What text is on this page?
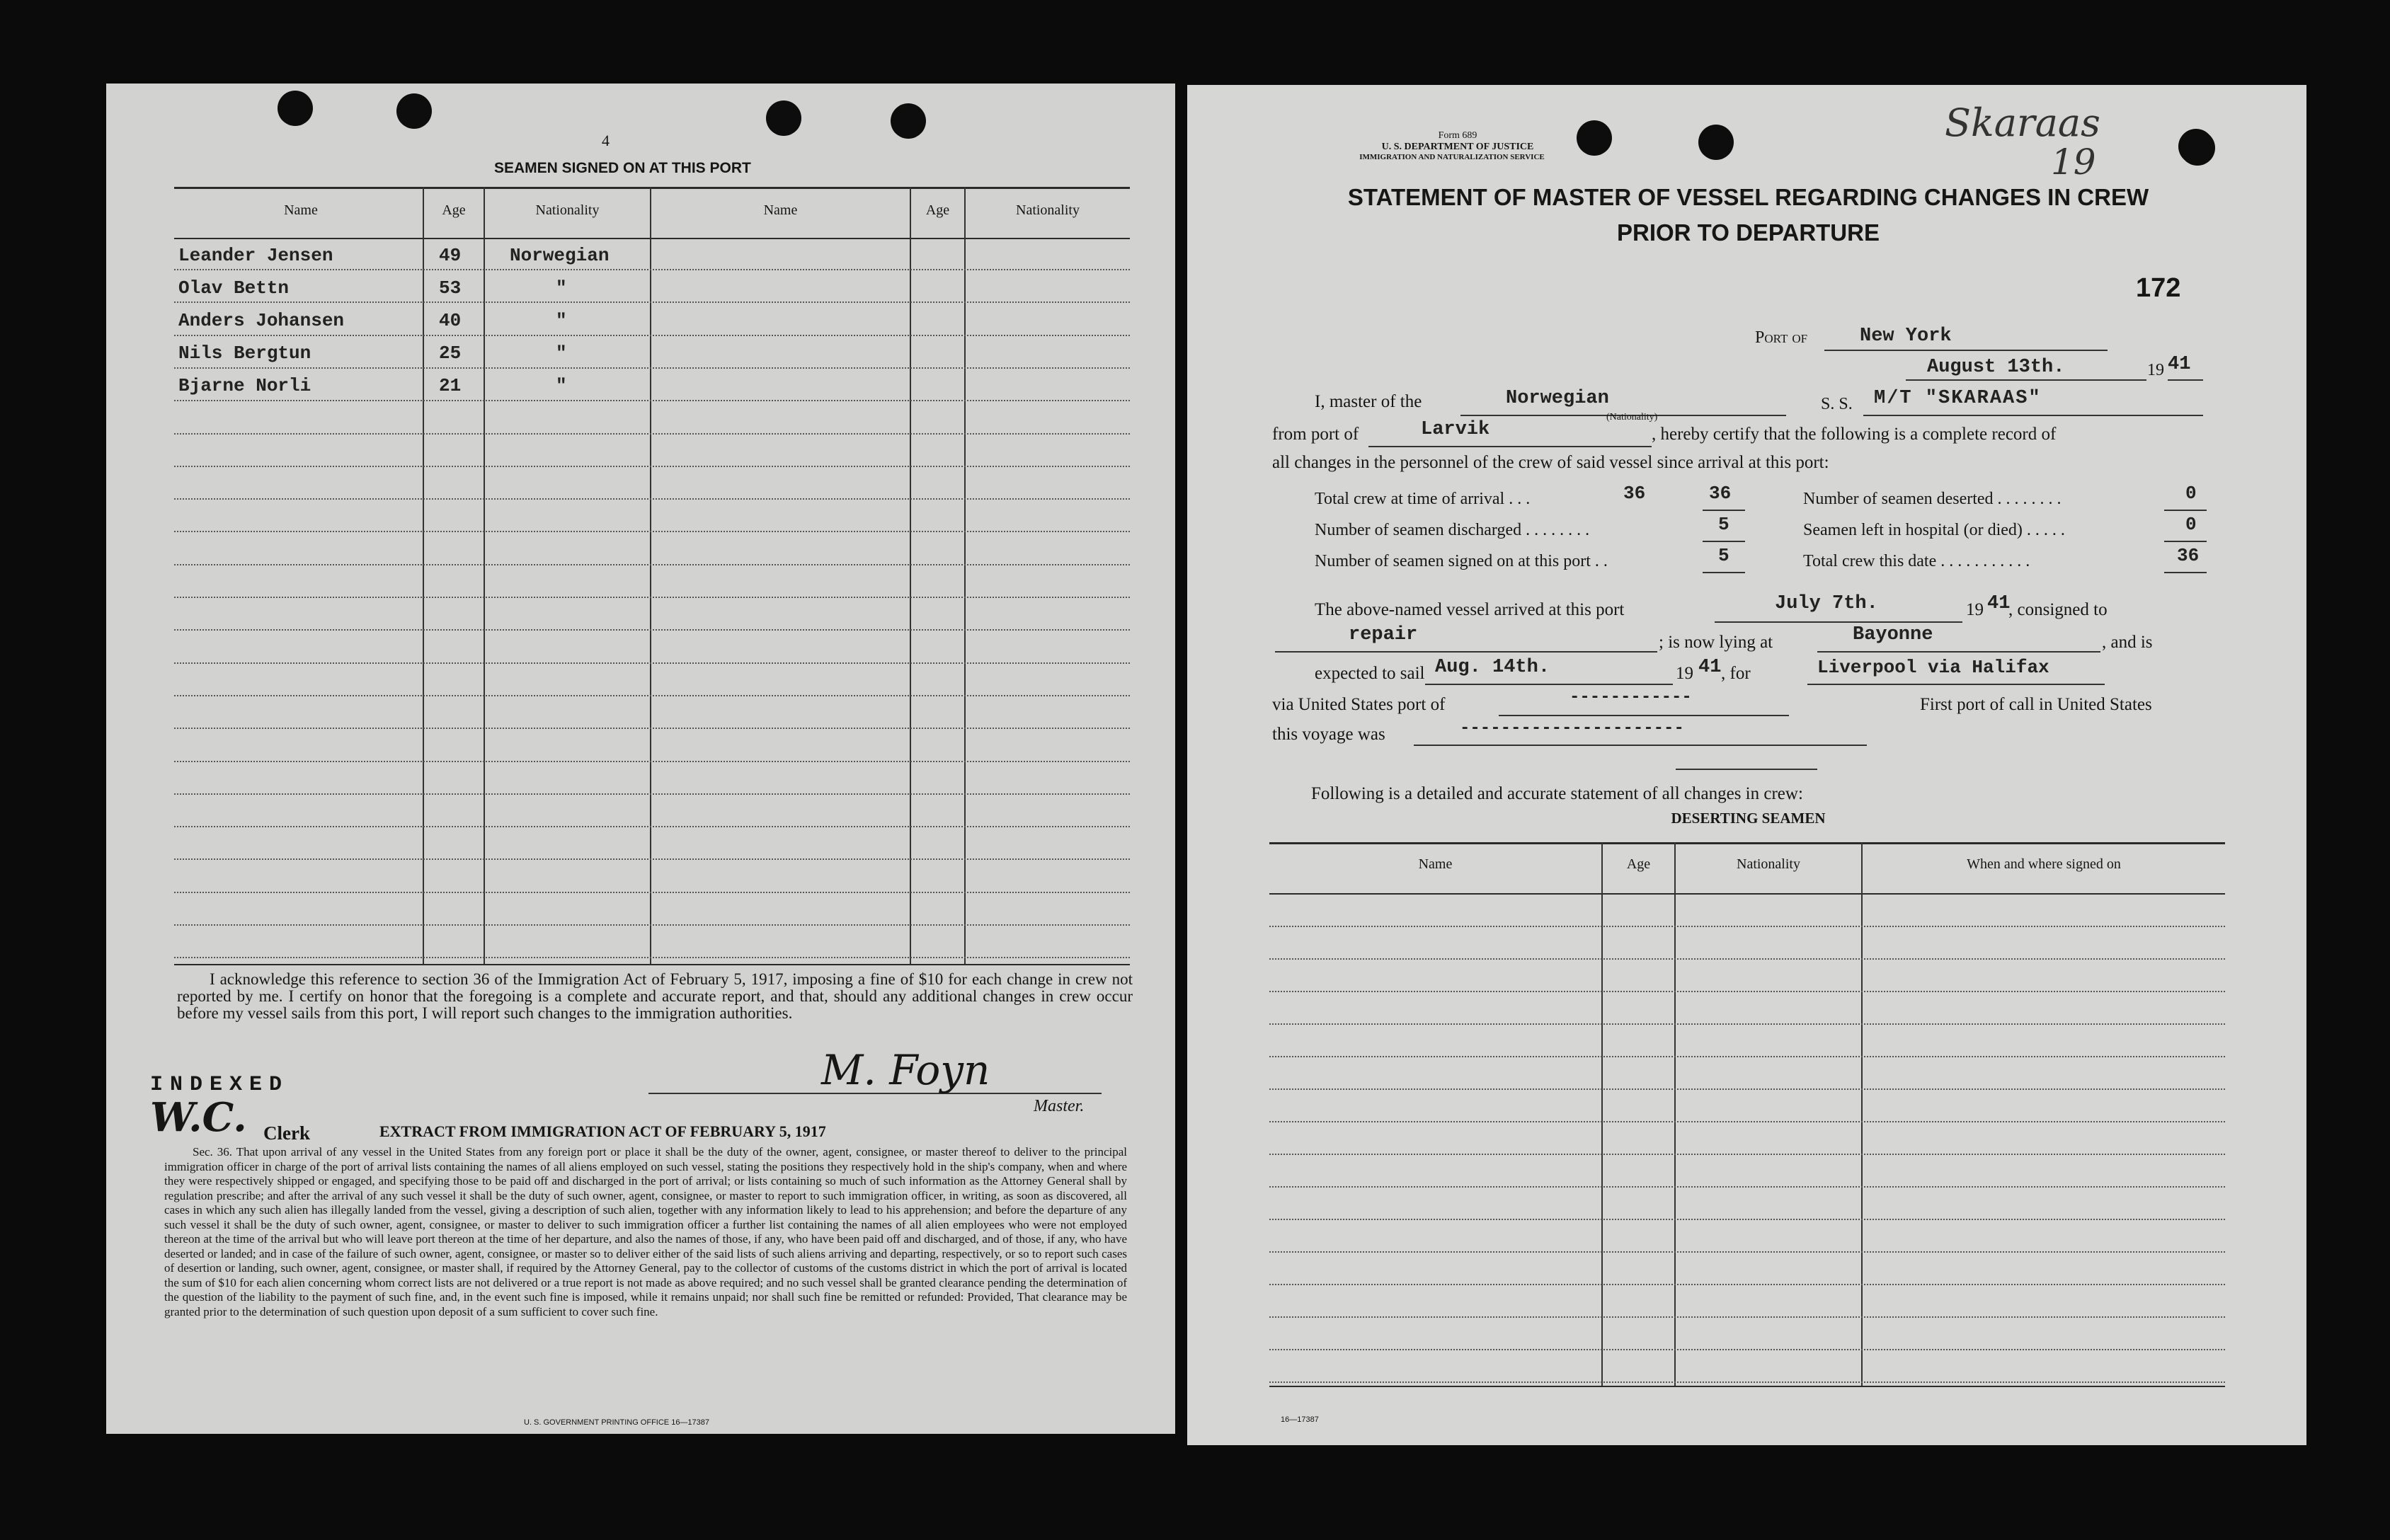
4
SEAMEN SIGNED ON AT THIS PORT
Name	Age	Nationality	Name	Age	Nationality
Leander Jensen	49	Norwegian
Olav Bettn	53	"
Anders Johansen	40	"
Nils Bergtun	25	"
Bjarne Norli	21	"
I acknowledge this reference to section 36 of the Immigration Act of February 5, 1917, imposing a fine of $10 for each change in crew not reported by me. I certify on honor that the foregoing is a complete and accurate report, and that, should any additional changes in crew occur before my vessel sails from this port, I will report such changes to the immigration authorities.
INDEXED
W.C. Clerk
M. Foyn
Master.
EXTRACT FROM IMMIGRATION ACT OF FEBRUARY 5, 1917
Sec. 36. That upon arrival of any vessel in the United States from any foreign port or place it shall be the duty of the owner, agent, consignee, or master thereof to deliver to the principal immigration officer in charge of the port of arrival lists containing the names of all aliens employed on such vessel, stating the positions they respectively hold in the ship's company, when and where they were respectively shipped or engaged, and specifying those to be paid off and discharged in the port of arrival; or lists containing so much of such information as the Attorney General shall by regulation prescribe; and after the arrival of any such vessel it shall be the duty of such owner, agent, consignee, or master to report to such immigration officer, in writing, as soon as discovered, all cases in which any such alien has illegally landed from the vessel, giving a description of such alien, together with any information likely to lead to his apprehension; and before the departure of any such vessel it shall be the duty of such owner, agent, consignee, or master to deliver to such immigration officer a further list containing the names of all alien employees who were not employed thereon at the time of the arrival but who will leave port thereon at the time of her departure, and also the names of those, if any, who have been paid off and discharged, and of those, if any, who have deserted or landed; and in case of the failure of such owner, agent, consignee, or master so to deliver either of the said lists of such aliens arriving and departing, respectively, or so to report such cases of desertion or landing, such owner, agent, consignee, or master shall, if required by the Attorney General, pay to the collector of customs of the customs district in which the port of arrival is located the sum of $10 for each alien concerning whom correct lists are not delivered or a true report is not made as above required; and no such vessel shall be granted clearance pending the determination of the question of the liability to the payment of such fine, and, in the event such fine is imposed, while it remains unpaid; nor shall such fine be remitted or refunded: Provided, That clearance may be granted prior to the determination of such question upon deposit of a sum sufficient to cover such fine.
U. S. GOVERNMENT PRINTING OFFICE 16—17387
Form 689
U. S. DEPARTMENT OF JUSTICE
IMMIGRATION AND NATURALIZATION SERVICE
Skaraas
19
STATEMENT OF MASTER OF VESSEL REGARDING CHANGES IN CREW
PRIOR TO DEPARTURE
172
Port of	New York
August 13th.	19 41
I, master of the	Norwegian
(Nationality)
S. S. M/T "SKARAAS"
from port of	Larvik	, hereby certify that the following is a complete record of
all changes in the personnel of the crew of said vessel since arrival at this port:
Total crew at time of arrival . . .	36	36	Number of seamen deserted . . . . . . . .	0
Number of seamen discharged . . . . . . . .	5	Seamen left in hospital (or died) . . . . .	0
Number of seamen signed on at this port . .	5	Total crew this date . . . . . . . . . . .	36
The above-named vessel arrived at this port	July 7th.	19 41
, consigned to
repair	; is now lying at	Bayonne	, and is
expected to sail Aug. 14th.	19 41 , for	Liverpool via Halifax
via United States port of	------------	First port of call in United States
this voyage was	----------------------
Following is a detailed and accurate statement of all changes in crew:
DESERTING SEAMEN
Name	Age	Nationality	When and where signed on
16—17387
